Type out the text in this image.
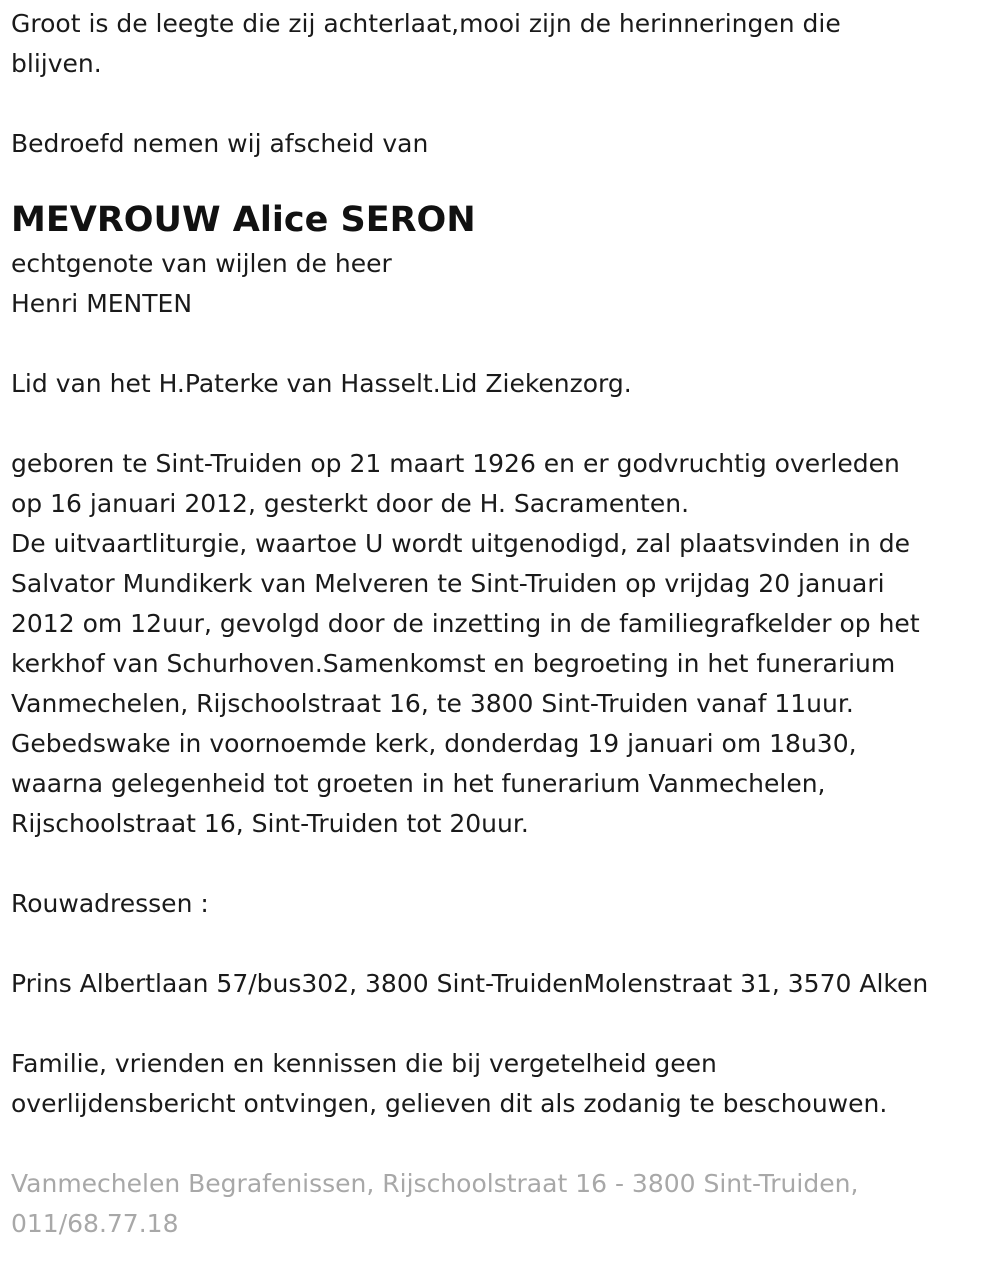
Groot is de leegte die zij achterlaat,mooi zijn de herinneringen die

blijven.

Bedroefd nemen wij afscheid van

MEVROUW Alice SERON

echtgenote van wijlen de heer

Henri MENTEN

Lid van het H.Paterke van Hasselt.Lid Ziekenzorg.

geboren te Sint-Truiden op 21 maart 1926 en er godvruchtig overleden

op 16 januari 2012, gesterkt door de H. Sacramenten.

De uitvaartliturgie, waartoe U wordt uitgenodigd, zal plaatsvinden in de

Salvator Mundikerk van Melveren te Sint-Truiden op vrijdag 20 januari

2012 om 12uur, gevolgd door de inzetting in de familiegrafkelder op het

kerkhof van Schurhoven.Samenkomst en begroeting in het funerarium

Vanmechelen, Rijschoolstraat 16, te 3800 Sint-Truiden vanaf 11uur.

Gebedswake in voornoemde kerk, donderdag 19 januari om 18u30,

waarna gelegenheid tot groeten in het funerarium Vanmechelen,

Rijschoolstraat 16, Sint-Truiden tot 20uur.

Rouwadressen :

Prins Albertlaan 57/bus302, 3800 Sint-TruidenMolenstraat 31, 3570 Alken

Familie, vrienden en kennissen die bij vergetelheid geen

overlijdensbericht ontvingen, gelieven dit als zodanig te beschouwen.

Vanmechelen Begrafenissen, Rijschoolstraat 16 - 3800 Sint-Truiden,

011/68.77.18
